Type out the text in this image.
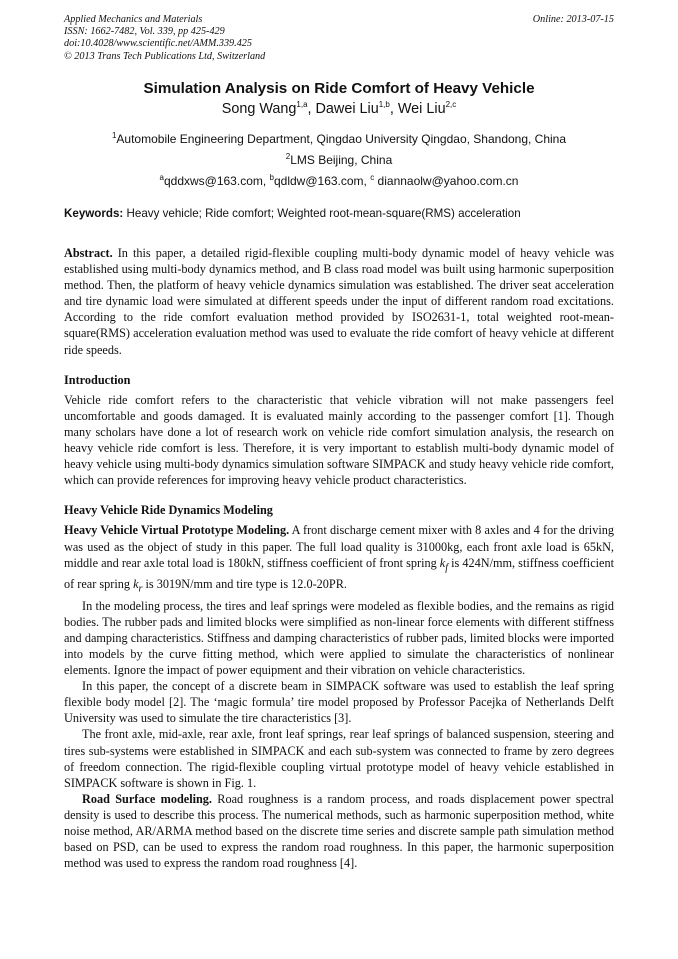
Applied Mechanics and Materials
ISSN: 1662-7482, Vol. 339, pp 425-429
doi:10.4028/www.scientific.net/AMM.339.425
© 2013 Trans Tech Publications Ltd, Switzerland
Online: 2013-07-15
Simulation Analysis on Ride Comfort of Heavy Vehicle
Song Wang$^{1,a}$, Dawei Liu$^{1,b}$, Wei Liu$^{2,c}$
$^1$Automobile Engineering Department, Qingdao University Qingdao, Shandong, China
$^2$LMS Beijing, China
$^a$qddxws@163.com, $^b$qdldw@163.com, $^c$ diannaolw@yahoo.com.cn
Keywords: Heavy vehicle; Ride comfort; Weighted root-mean-square(RMS) acceleration

Abstract. In this paper, a detailed rigid-flexible coupling multi-body dynamic model of heavy vehicle was established using multi-body dynamics method, and B class road model was built using harmonic superposition method. Then, the platform of heavy vehicle dynamics simulation was established. The driver seat acceleration and tire dynamic load were simulated at different speeds under the input of different random road excitations. According to the ride comfort evaluation method provided by ISO2631-1, total weighted root-mean-square(RMS) acceleration evaluation method was used to evaluate the ride comfort of heavy vehicle at different ride speeds.

Introduction

Vehicle ride comfort refers to the characteristic that vehicle vibration will not make passengers feel uncomfortable and goods damaged. It is evaluated mainly according to the passenger comfort [1]. Though many scholars have done a lot of research work on vehicle ride comfort simulation analysis, the research on heavy vehicle ride comfort is less. Therefore, it is very important to establish multi-body dynamic model of heavy vehicle using multi-body dynamics simulation software SIMPACK and study heavy vehicle ride comfort, which can provide references for improving heavy vehicle product characteristics.

Heavy Vehicle Ride Dynamics Modeling

Heavy Vehicle Virtual Prototype Modeling. A front discharge cement mixer with 8 axles and 4 for the driving was used as the object of study in this paper. The full load quality is 31000kg, each front axle load is 65kN, middle and rear axle total load is 180kN, stiffness coefficient of front spring $k_f$ is 424N/mm, stiffness coefficient of rear spring $k_r$ is 3019N/mm and tire type is 12.0-20PR.

In the modeling process, the tires and leaf springs were modeled as flexible bodies, and the remains as rigid bodies. The rubber pads and limited blocks were simplified as non-linear force elements with different stiffness and damping characteristics. Stiffness and damping characteristics of rubber pads, limited blocks were imported into models by the curve fitting method, which were applied to simulate the characteristics of nonlinear elements. Ignore the impact of power equipment and their vibration on vehicle characteristics.

In this paper, the concept of a discrete beam in SIMPACK software was used to establish the leaf spring flexible body model [2]. The ‘magic formula’ tire model proposed by Professor Pacejka of Netherlands Delft University was used to simulate the tire characteristics [3].

The front axle, mid-axle, rear axle, front leaf springs, rear leaf springs of balanced suspension, steering and tires sub-systems were established in SIMPACK and each sub-system was connected to frame by zero degrees of freedom connection. The rigid-flexible coupling virtual prototype model of heavy vehicle established in SIMPACK software is shown in Fig. 1.

Road Surface modeling. Road roughness is a random process, and roads displacement power spectral density is used to describe this process. The numerical methods, such as harmonic superposition method, white noise method, AR/ARMA method based on the discrete time series and discrete sample path simulation method based on PSD, can be used to express the random road roughness. In this paper, the harmonic superposition method was used to express the random road roughness [4].
